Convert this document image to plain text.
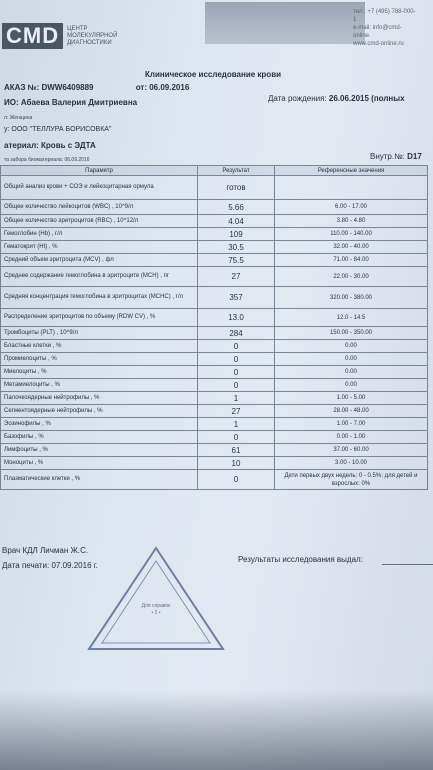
CMD	ЦЕНТР МОЛЕКУЛЯРНОЙ ДИАГНОСТИКИ
тел.: +7 (495) 788-000-1
e-mail: info@cmd-online.
www.cmd-online.ru
Клиническое исследование крови
АКАЗ №: DWW6409889	от: 06.09.2016
ИО: Абаева Валерия Дмитриевна	Дата рождения: 26.06.2015 (полных
л: Женщина
у: ООО "ТЕЛЛУРА БОРИСОВКА"
атериал: Кровь с ЭДТА
та забора биоматериала: 06.09.2016	Внутр.№: D17
Параметр	Результат	Референсные значения
Общий анализ крови + СОЭ и лейкоцитарная ормула	готов	
Общее количество лейкоцитов (WBC) , 10^9/л	5.66	6.00 - 17.00
Общее количество эритроцитов (RBC) , 10^12/л	4.04	3.80 - 4.80
Гемоглобин (Hb) , г/л	109	110.00 - 140.00
Гематокрит (Ht) , %	30.5	32.00 - 40.00
Средний объем эритроцита (MCV) , фл	75.5	71.00 - 84.00
Среднее содержание гемоглобина в эритроците (MCH) , пг	27	22.00 - 30.00
Средняя концентрация гемоглобина в эритроцитах (MCHC) , г/л	357	320.00 - 380.00
Распределение эритроцитов по объему (RDW CV) , %	13.0	12.0 - 14.5
Тромбоциты (PLT) , 10^9/л	284	150.00 - 350.00
Бластные клетки , %	0	0.00
Промиелоциты , %	0	0.00
Миелоциты , %	0	0.00
Метамиелоциты , %	0	0.00
Палочкоядерные нейтрофилы , %	1	1.00 - 5.00
Сегментоядерные нейтрофилы , %	27	28.00 - 48.00
Эозинофилы , %	1	1.00 - 7.00
Базофилы , %	0	0.00 - 1.00
Лимфоциты , %	61	37.00 - 60.00
Моноциты , %	10	3.00 - 10.00
Плазматические клетки , %	0	Дети первых двух недель: 0 - 0.5%; для детей и взрослых: 0%
Врач КДЛ Личман Ж.С.
Дата печати: 07.09.2016 г.
Результаты исследования выдал:
Для справок • 2 •
